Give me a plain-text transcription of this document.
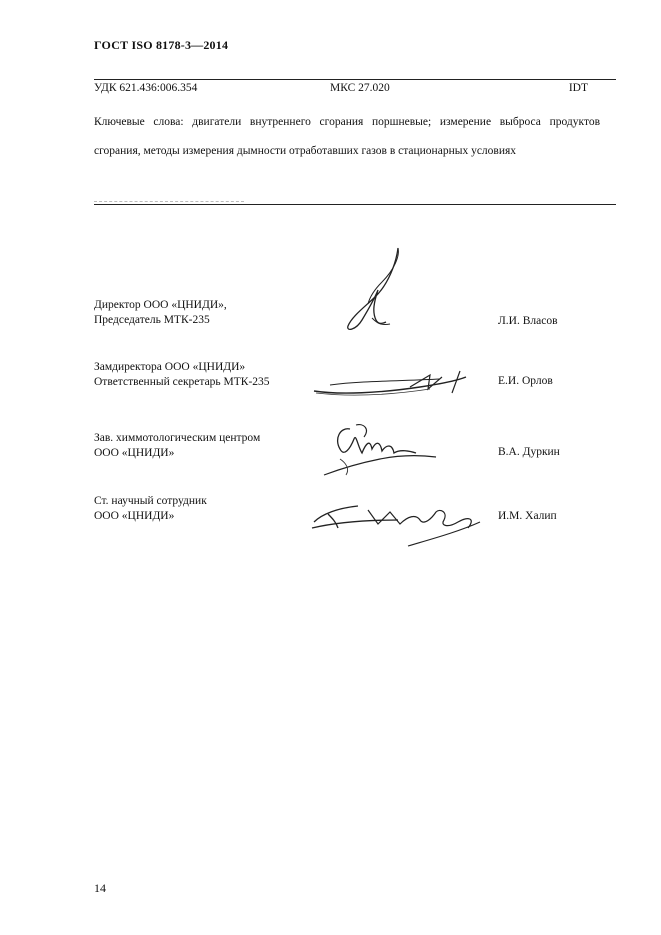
ГОСТ ISO 8178-3—2014
УДК 621.436:006.354	МКС 27.020	IDT
Ключевые слова: двигатели внутреннего сгорания поршневые; измерение выброса продуктов сгорания, методы измерения дымности отработавших газов в стационарных условиях
Директор ООО «ЦНИДИ»,
Председатель МТК-235	Л.И. Власов
Замдиректора ООО «ЦНИДИ»
Ответственный секретарь МТК-235	Е.И. Орлов
Зав. химмотологическим центром
ООО «ЦНИДИ»	В.А. Дуркин
Ст. научный сотрудник
ООО «ЦНИДИ»	И.М. Халип
14
